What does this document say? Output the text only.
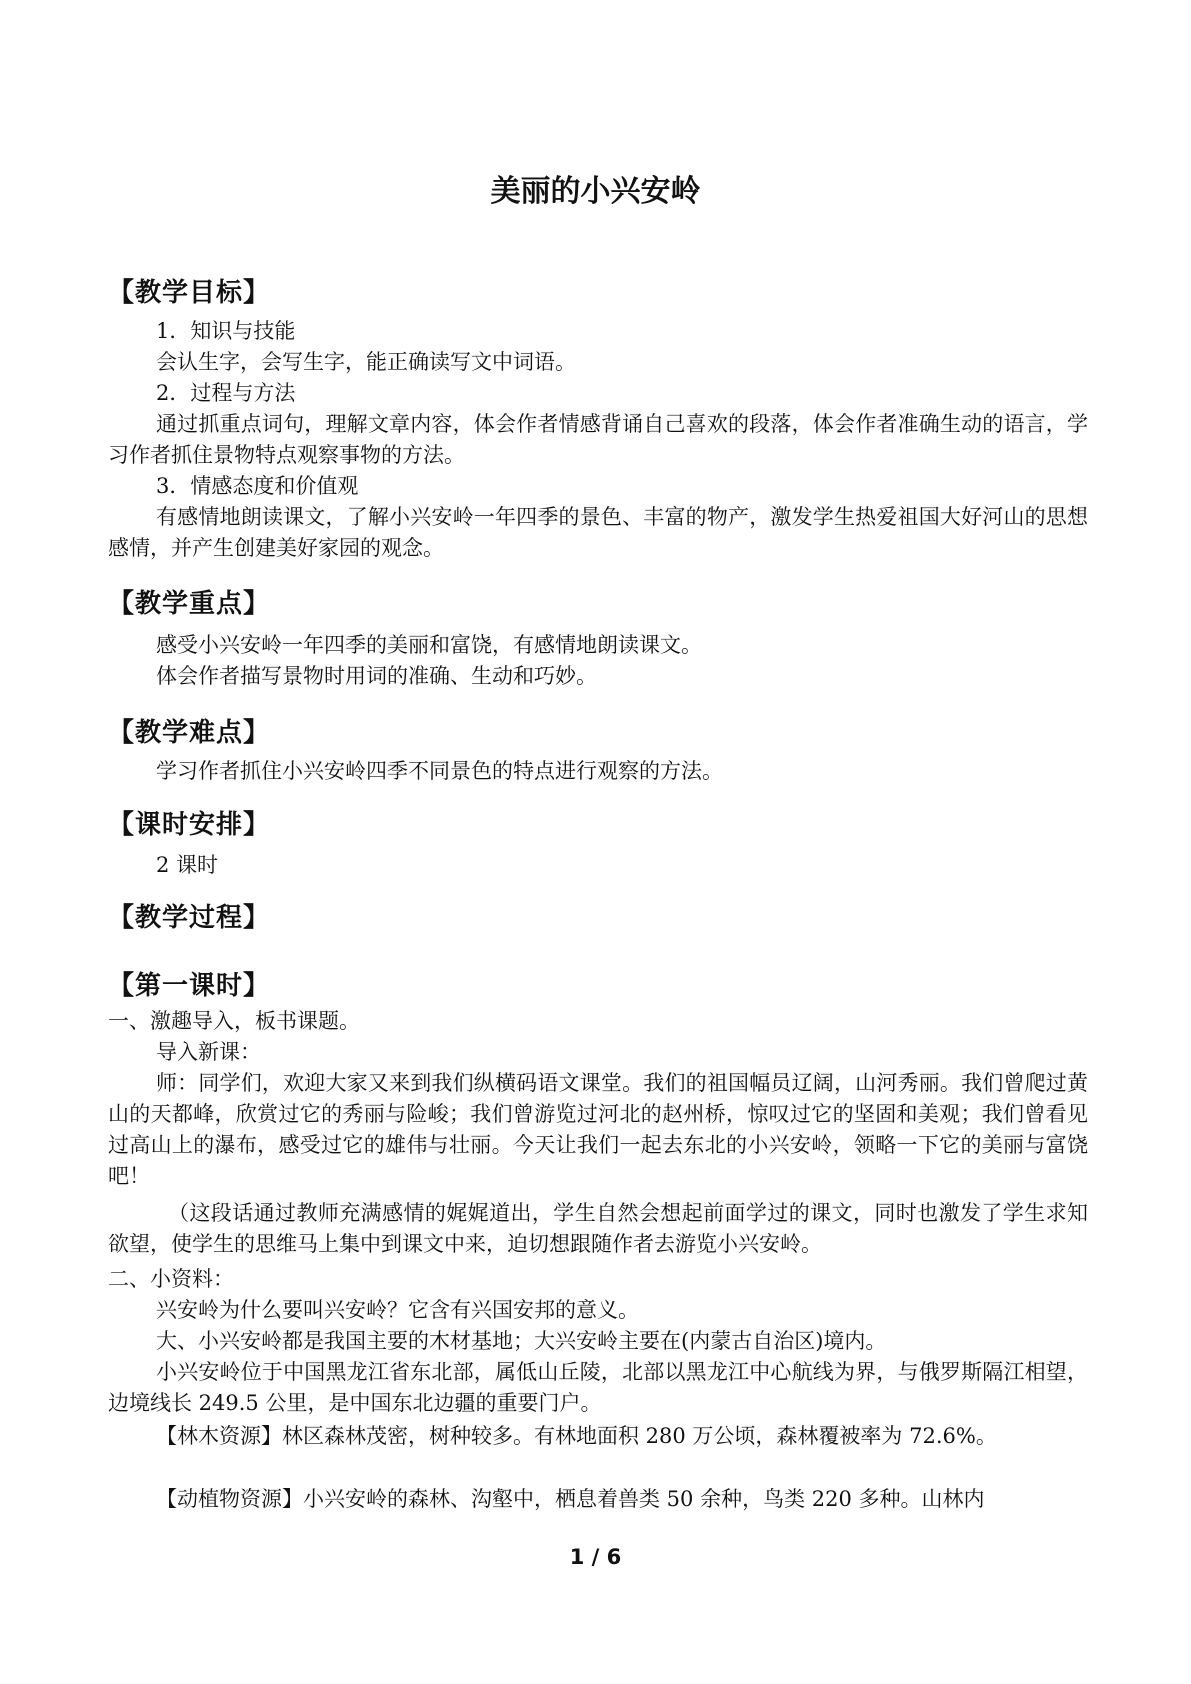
美丽的小兴安岭
【教学目标】

1．知识与技能

会认生字，会写生字，能正确读写文中词语。

2．过程与方法

通过抓重点词句，理解文章内容，体会作者情感背诵自己喜欢的段落，体会作者准确生动的语言，学习作者抓住景物特点观察事物的方法。

3．情感态度和价值观

有感情地朗读课文，了解小兴安岭一年四季的景色、丰富的物产，激发学生热爱祖国大好河山的思想感情，并产生创建美好家园的观念。

【教学重点】

感受小兴安岭一年四季的美丽和富饶，有感情地朗读课文。

体会作者描写景物时用词的准确、生动和巧妙。

【教学难点】

学习作者抓住小兴安岭四季不同景色的特点进行观察的方法。

【课时安排】

2 课时

【教学过程】
【第一课时】

一、激趣导入，板书课题。

导入新课：

师：同学们，欢迎大家又来到我们纵横码语文课堂。我们的祖国幅员辽阔，山河秀丽。我们曾爬过黄山的天都峰，欣赏过它的秀丽与险峻；我们曾游览过河北的赵州桥，惊叹过它的坚固和美观；我们曾看见过高山上的瀑布，感受过它的雄伟与壮丽。今天让我们一起去东北的小兴安岭，领略一下它的美丽与富饶吧！

（这段话通过教师充满感情的娓娓道出，学生自然会想起前面学过的课文，同时也激发了学生求知欲望，使学生的思维马上集中到课文中来，迫切想跟随作者去游览小兴安岭。

二、小资料：

兴安岭为什么要叫兴安岭？它含有兴国安邦的意义。

大、小兴安岭都是我国主要的木材基地；大兴安岭主要在(内蒙古自治区)境内。

小兴安岭位于中国黑龙江省东北部，属低山丘陵，北部以黑龙江中心航线为界，与俄罗斯隔江相望，边境线长 249.5 公里，是中国东北边疆的重要门户。

【林木资源】林区森林茂密，树种较多。有林地面积 280 万公顷，森林覆被率为 72.6%。

【动植物资源】小兴安岭的森林、沟壑中，栖息着兽类 50 余种，鸟类 220 多种。山林内

1 / 6
